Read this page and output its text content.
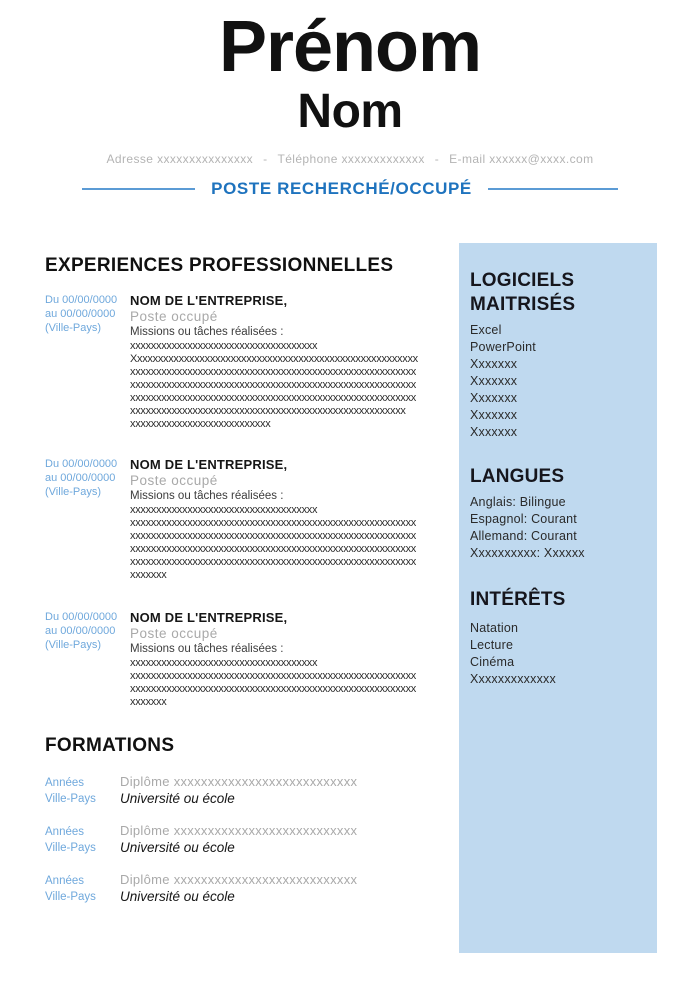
Prénom
Nom
Adresse xxxxxxxxxxxxxxx - Téléphone xxxxxxxxxxxxx - E-mail xxxxxx@xxxx.com
POSTE RECHERCHÉ/OCCUPÉ
LOGICIELS
MAITRISÉS
Excel
PowerPoint
Xxxxxxx
Xxxxxxx
Xxxxxxx
Xxxxxxx
Xxxxxxx
LANGUES
Anglais: Bilingue
Espagnol: Courant
Allemand: Courant
Xxxxxxxxxx: Xxxxxx
INTÉRÊTS
Natation
Lecture
Cinéma
Xxxxxxxxxxxxx
EXPERIENCES PROFESSIONNELLES
Du 00/00/0000
au 00/00/0000
(Ville-Pays)
NOM DE L'ENTREPRISE,
Poste occupé
Missions ou tâches réalisées :
xxxxxxxxxxxxxxxxxxxxxxxxxxxxxxxxxxxx
Xxxxxxxxxxxxxxxxxxxxxxxxxxxxxxxxxxxxxxxxxxxxxxxxxxxxxxx
xxxxxxxxxxxxxxxxxxxxxxxxxxxxxxxxxxxxxxxxxxxxxxxxxxxxxxx
xxxxxxxxxxxxxxxxxxxxxxxxxxxxxxxxxxxxxxxxxxxxxxxxxxxxxxx
xxxxxxxxxxxxxxxxxxxxxxxxxxxxxxxxxxxxxxxxxxxxxxxxxxxxxxx
xxxxxxxxxxxxxxxxxxxxxxxxxxxxxxxxxxxxxxxxxxxxxxxxxxxxx
xxxxxxxxxxxxxxxxxxxxxxxxxxx
Du 00/00/0000
au 00/00/0000
(Ville-Pays)
NOM DE L'ENTREPRISE,
Poste occupé
Missions ou tâches réalisées :
xxxxxxxxxxxxxxxxxxxxxxxxxxxxxxxxxxxx
xxxxxxxxxxxxxxxxxxxxxxxxxxxxxxxxxxxxxxxxxxxxxxxxxxxxxxx
xxxxxxxxxxxxxxxxxxxxxxxxxxxxxxxxxxxxxxxxxxxxxxxxxxxxxxx
xxxxxxxxxxxxxxxxxxxxxxxxxxxxxxxxxxxxxxxxxxxxxxxxxxxxxxx
xxxxxxxxxxxxxxxxxxxxxxxxxxxxxxxxxxxxxxxxxxxxxxxxxxxxxxx
xxxxxxx
Du 00/00/0000
au 00/00/0000
(Ville-Pays)
NOM DE L'ENTREPRISE,
Poste occupé
Missions ou tâches réalisées :
xxxxxxxxxxxxxxxxxxxxxxxxxxxxxxxxxxxx
xxxxxxxxxxxxxxxxxxxxxxxxxxxxxxxxxxxxxxxxxxxxxxxxxxxxxxx
xxxxxxxxxxxxxxxxxxxxxxxxxxxxxxxxxxxxxxxxxxxxxxxxxxxxxxx
xxxxxxx
FORMATIONS
Années
Ville-Pays
Diplôme xxxxxxxxxxxxxxxxxxxxxxxxxxx
Université ou école
Années
Ville-Pays
Diplôme xxxxxxxxxxxxxxxxxxxxxxxxxxx
Université ou école
Années
Ville-Pays
Diplôme xxxxxxxxxxxxxxxxxxxxxxxxxxx
Université ou école
